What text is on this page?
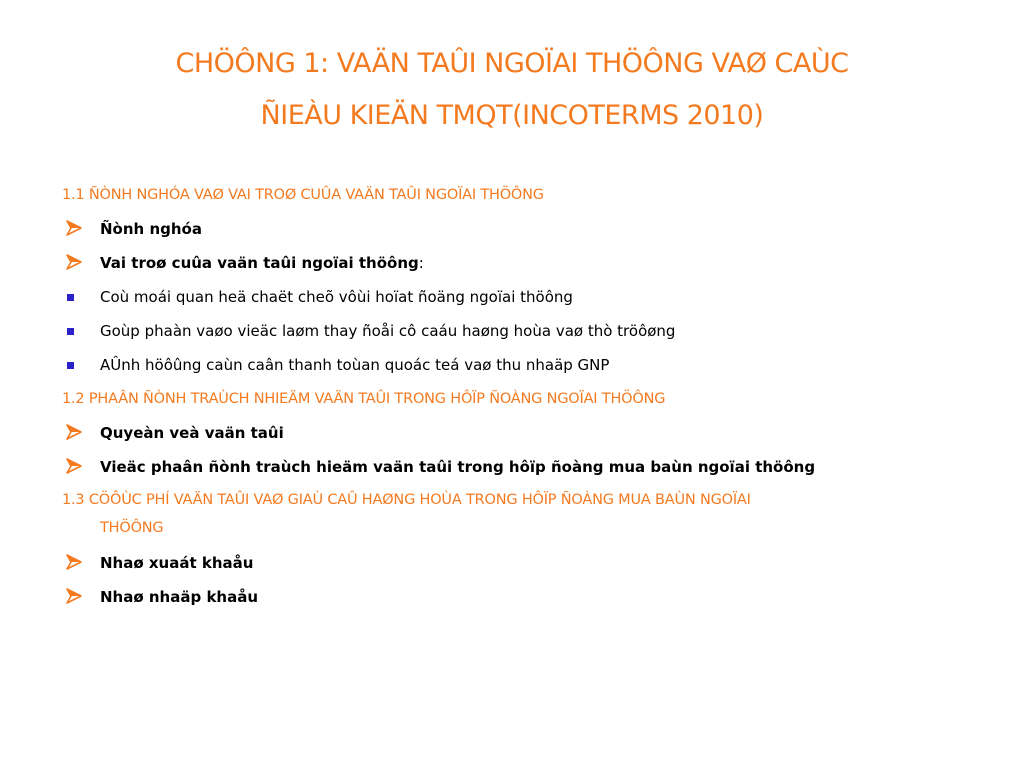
CHÖÔNG 1: VAÄN TAÛI NGOÏAI THÖÔNG VAØ CAÙC
ÑIEÀU KIEÄN TMQT(INCOTERMS 2010)
1.1 ÑÒNH NGHÓA VAØ VAI TROØ CUÛA VAÄN TAÛI NGOÏAI THÖÔNG
Ñònh nghóa
Vai troø cuûa vaän taûi ngoïai thöông:
Coù moái quan heä chaët cheõ vôùi hoïat ñoäng ngoïai thöông
Goùp phaàn vaøo vieäc laøm thay ñoåi cô caáu haøng hoùa vaø thò tröôøng
AÛnh höôûng caùn caân thanh toùan quoác teá vaø thu nhaäp GNP
1.2 PHAÂN ÑÒNH TRAÙCH NHIEÄM VAÄN TAÛI TRONG HÔÏP ÑOÀNG NGOÏAI THÖÔNG
Quyeàn veà vaän taûi
Vieäc phaân ñònh traùch hieäm vaän taûi trong hôïp ñoàng mua baùn ngoïai thöông
1.3 CÖÔÙC PHÍ VAÄN TAÛI VAØ GIAÙ CAÛ HAØNG HOÙA TRONG HÔÏP ÑOÀNG MUA BAÙN NGOÏAI
THÖÔNG
Nhaø xuaát khaåu
Nhaø nhaäp khaåu
